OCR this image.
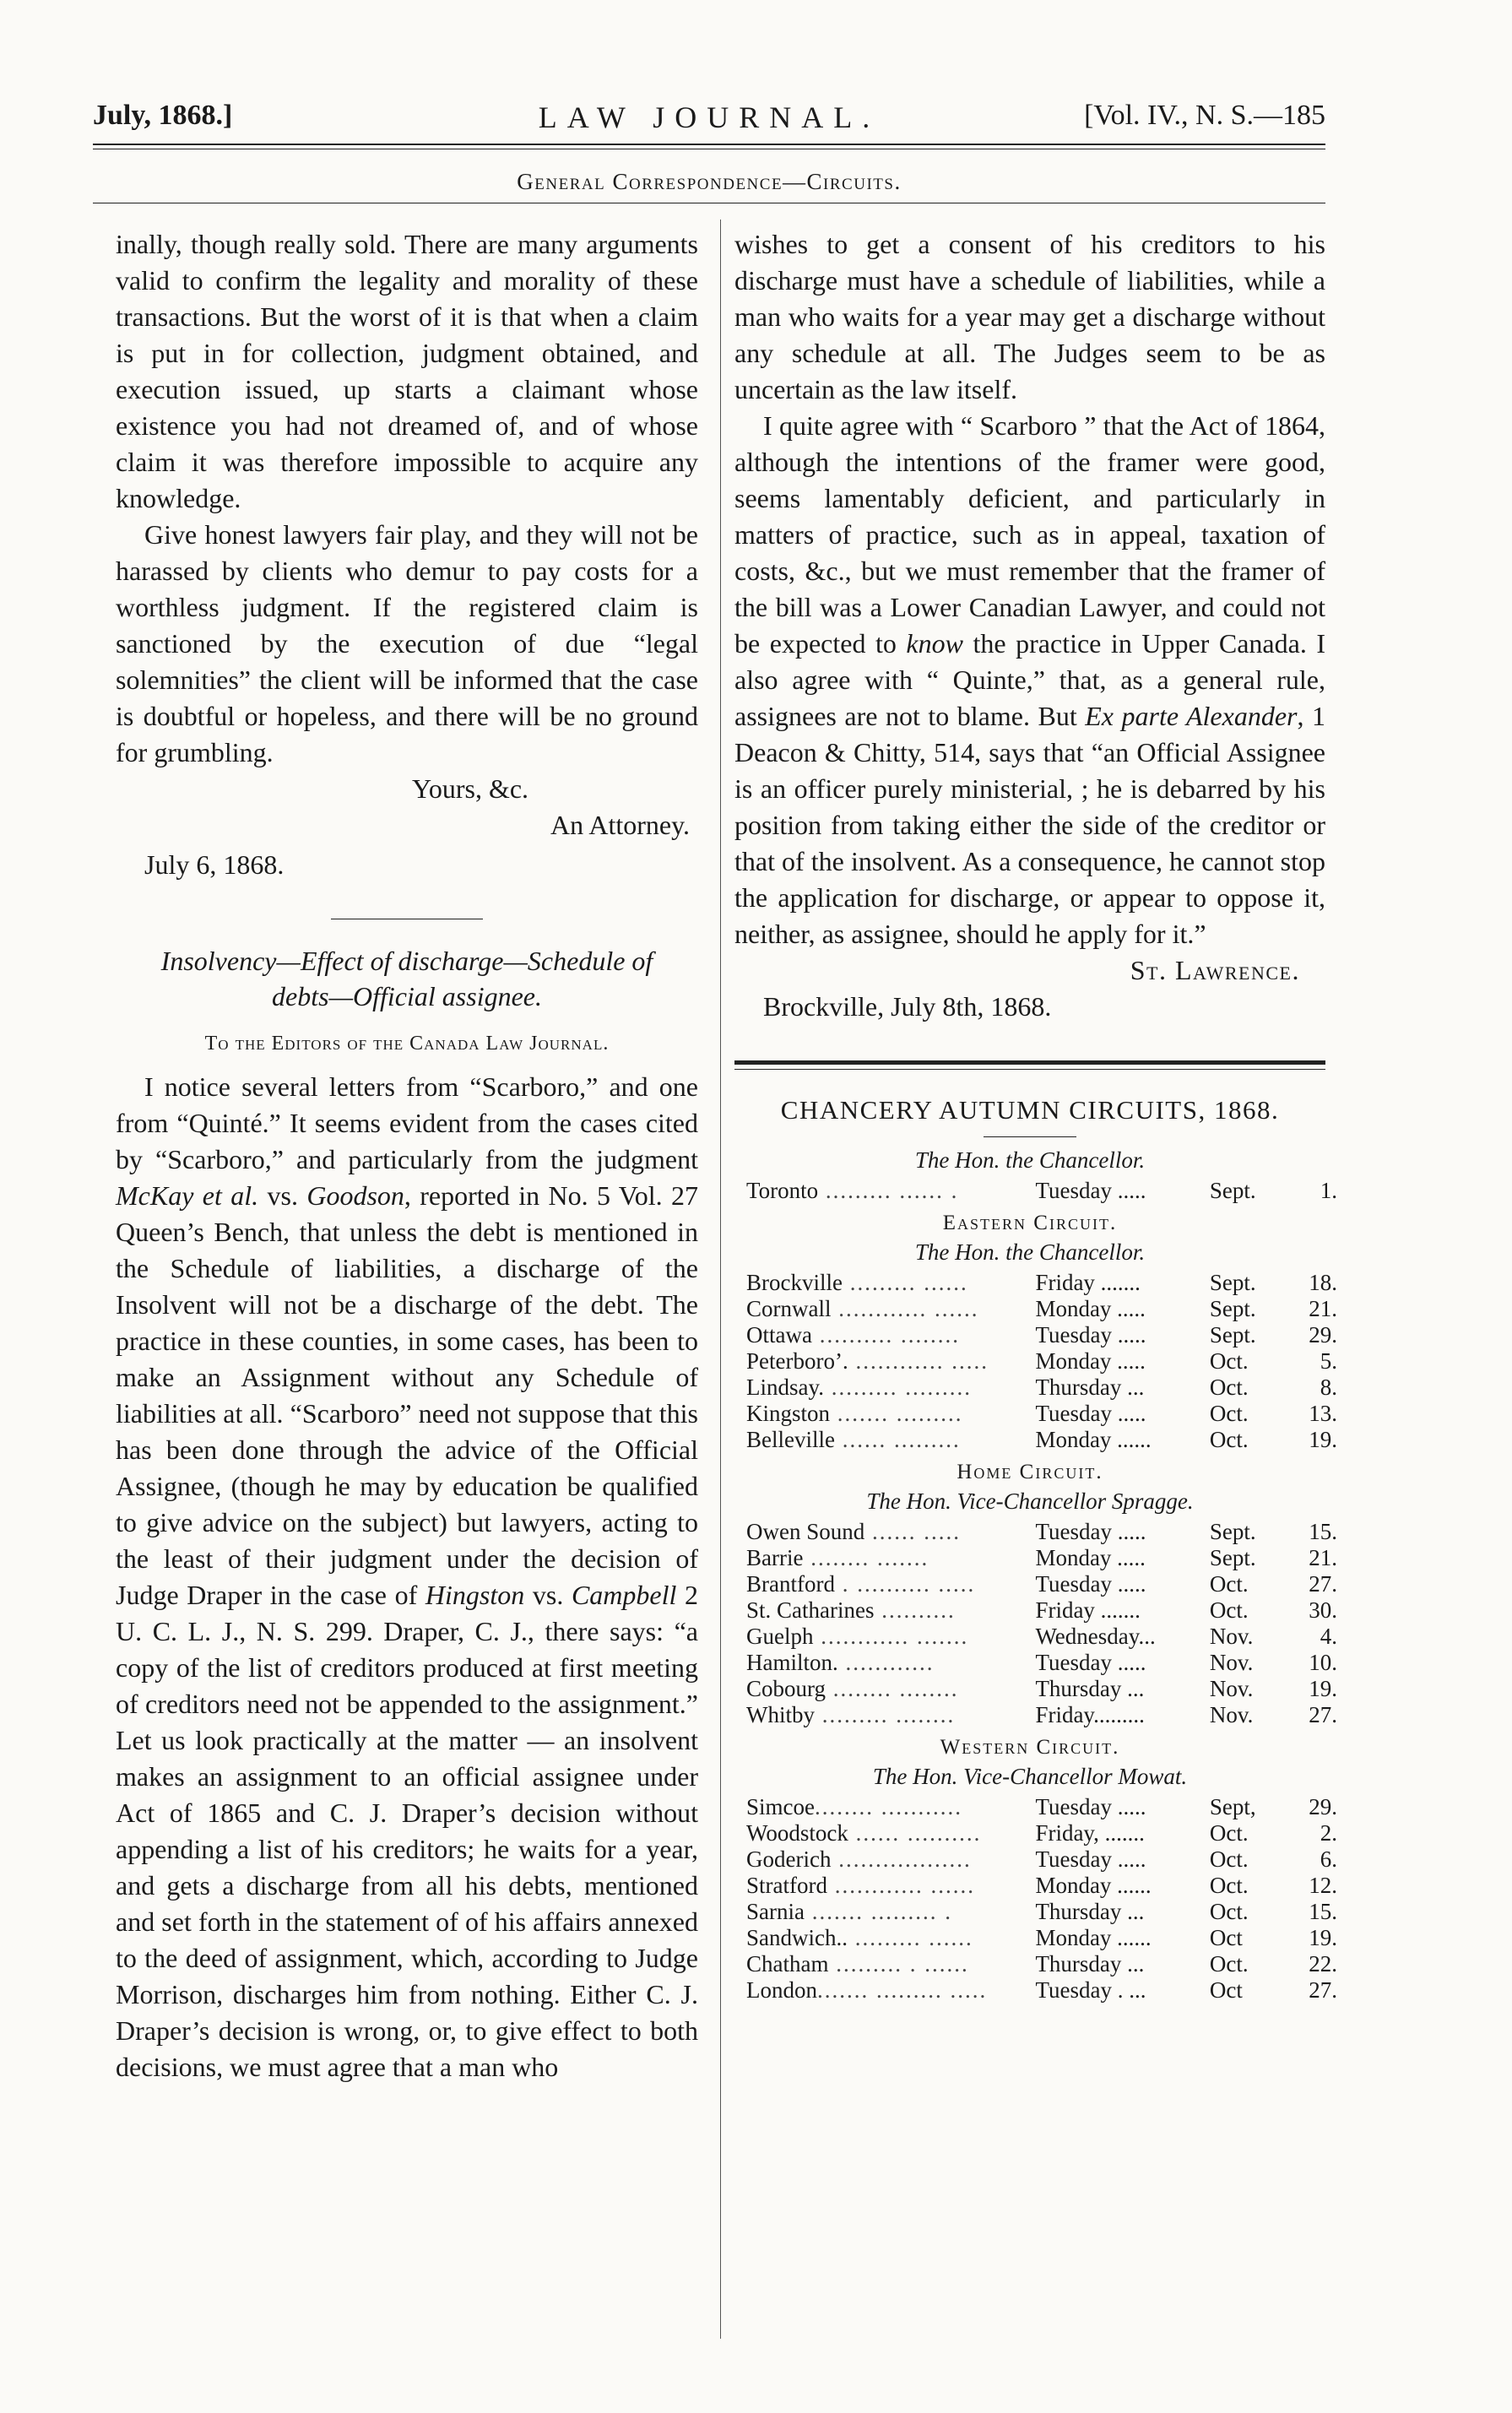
July, 1868.]	LAW JOURNAL.	[Vol. IV., N. S.—185
General Correspondence—Circuits.

inally, though really sold. There are many arguments valid to confirm the legality and morality of these transactions. But the worst of it is that when a claim is put in for collection, judgment obtained, and execution issued, up starts a claimant whose existence you had not dreamed of, and of whose claim it was therefore impossible to acquire any knowledge.

Give honest lawyers fair play, and they will not be harassed by clients who demur to pay costs for a worthless judgment. If the registered claim is sanctioned by the execution of due “legal solemnities” the client will be informed that the case is doubtful or hopeless, and there will be no ground for grumbling.

Yours, &c.
An Attorney.
July 6, 1868.
Insolvency—Effect of discharge—Schedule of
debts—Official assignee.
To the Editors of the Canada Law Journal.

I notice several letters from “Scarboro,” and one from “Quinté.” It seems evident from the cases cited by “Scarboro,” and particularly from the judgment McKay et al. vs. Goodson, reported in No. 5 Vol. 27 Queen’s Bench, that unless the debt is mentioned in the Schedule of liabilities, a discharge of the Insolvent will not be a discharge of the debt. The practice in these counties, in some cases, has been to make an Assignment without any Schedule of liabilities at all. “Scarboro” need not suppose that this has been done through the advice of the Official Assignee, (though he may by education be qualified to give advice on the subject) but lawyers, acting to the least of their judgment under the decision of Judge Draper in the case of Hingston vs. Campbell 2 U. C. L. J., N. S. 299. Draper, C. J., there says: “a copy of the list of creditors produced at first meeting of creditors need not be appended to the assignment.” Let us look practically at the matter — an insolvent makes an assignment to an official assignee under Act of 1865 and C. J. Draper’s decision without appending a list of his creditors; he waits for a year, and gets a discharge from all his debts, mentioned and set forth in the statement of of his affairs annexed to the deed of assignment, which, according to Judge Morrison, discharges him from nothing. Either C. J. Draper’s decision is wrong, or, to give effect to both decisions, we must agree that a man who

wishes to get a consent of his creditors to his discharge must have a schedule of liabilities, while a man who waits for a year may get a discharge without any schedule at all. The Judges seem to be as uncertain as the law itself.

I quite agree with “ Scarboro ” that the Act of 1864, although the intentions of the framer were good, seems lamentably deficient, and particularly in matters of practice, such as in appeal, taxation of costs, &c., but we must remember that the framer of the bill was a Lower Canadian Lawyer, and could not be expected to know the practice in Upper Canada. I also agree with “ Quinte,” that, as a general rule, assignees are not to blame. But Ex parte Alexander, 1 Deacon & Chitty, 514, says that “an Official Assignee is an officer purely ministerial, ; he is debarred by his position from taking either the side of the creditor or that of the insolvent. As a consequence, he cannot stop the application for discharge, or appear to oppose it, neither, as assignee, should he apply for it.”

St. Lawrence.
Brockville, July 8th, 1868.
CHANCERY AUTUMN CIRCUITS, 1868.
The Hon. the Chancellor.
Toronto ......... ...... .	Tuesday .....	Sept.	1.
Eastern Circuit.
The Hon. the Chancellor.
Brockville ......... ......	Friday .......	Sept.	18.
Cornwall ............ ......	Monday .....	Sept.	21.
Ottawa .......... ........	Tuesday .....	Sept.	29.
Peterboro’. ............ .....	Monday .....	Oct.	5.
Lindsay. ......... .........	Thursday ...	Oct.	8.
Kingston ....... .........	Tuesday .....	Oct.	13.
Belleville ...... .........	Monday ......	Oct.	19.
Home Circuit.
The Hon. Vice-Chancellor Spragge.
Owen Sound ...... .....	Tuesday .....	Sept.	15.
Barrie ........ .......	Monday .....	Sept.	21.
Brantford . .......... .....	Tuesday .....	Oct.	27.
St. Catharines ..........	Friday .......	Oct.	30.
Guelph ............ .......	Wednesday...	Nov.	4.
Hamilton. ............	Tuesday .....	Nov.	10.
Cobourg ........ ........	Thursday ...	Nov.	19.
Whitby ......... ........	Friday.........	Nov.	27.
Western Circuit.
The Hon. Vice-Chancellor Mowat.
Simcoe........ ...........	Tuesday .....	Sept,	29.
Woodstock ...... ..........	Friday, .......	Oct.	2.
Goderich ..................	Tuesday .....	Oct.	6.
Stratford ............ ......	Monday ......	Oct.	12.
Sarnia ....... ......... .	Thursday ...	Oct.	15.
Sandwich.. ......... ......	Monday ......	Oct	19.
Chatham ......... . ......	Thursday ...	Oct.	22.
London....... ......... .....	Tuesday . ...	Oct	27.
